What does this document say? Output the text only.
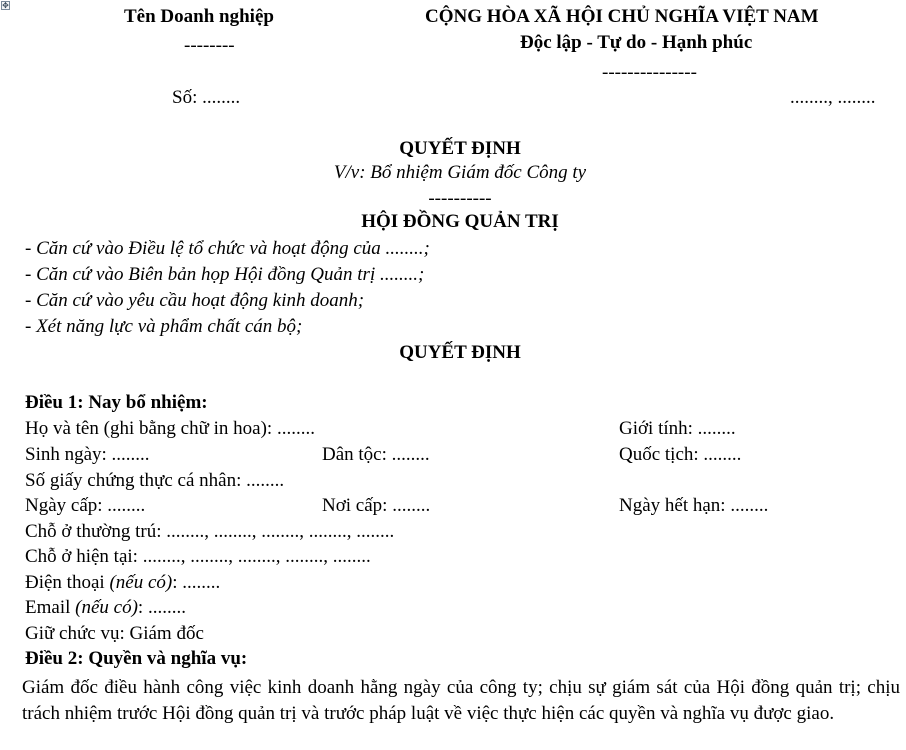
✥
Tên Doanh nghiệp
--------
CỘNG HÒA XÃ HỘI CHỦ NGHĨA VIỆT NAM
Độc lập - Tự do - Hạnh phúc
---------------
Số: ........	........, ........
QUYẾT ĐỊNH
V/v: Bổ nhiệm Giám đốc Công ty
----------
HỘI ĐỒNG QUẢN TRỊ
- Căn cứ vào Điều lệ tổ chức và hoạt động của ........;
- Căn cứ vào Biên bản họp Hội đồng Quản trị ........;
- Căn cứ vào yêu cầu hoạt động kinh doanh;
- Xét năng lực và phẩm chất cán bộ;
QUYẾT ĐỊNH
Điều 1: Nay bổ nhiệm:
Họ và tên (ghi bằng chữ in hoa): ........	Giới tính: ........
Sinh ngày: ........	Dân tộc: ........	Quốc tịch: ........
Số giấy chứng thực cá nhân: ........
Ngày cấp: ........	Nơi cấp: ........	Ngày hết hạn: ........
Chỗ ở thường trú: ........, ........, ........, ........, ........
Chỗ ở hiện tại: ........, ........, ........, ........, ........
Điện thoại (nếu có): ........
Email (nếu có): ........
Giữ chức vụ: Giám đốc
Điều 2: Quyền và nghĩa vụ:
Giám đốc điều hành công việc kinh doanh hằng ngày của công ty; chịu sự giám sát của Hội đồng quản trị; chịu trách nhiệm trước Hội đồng quản trị và trước pháp luật về việc thực hiện các quyền và nghĩa vụ được giao.
